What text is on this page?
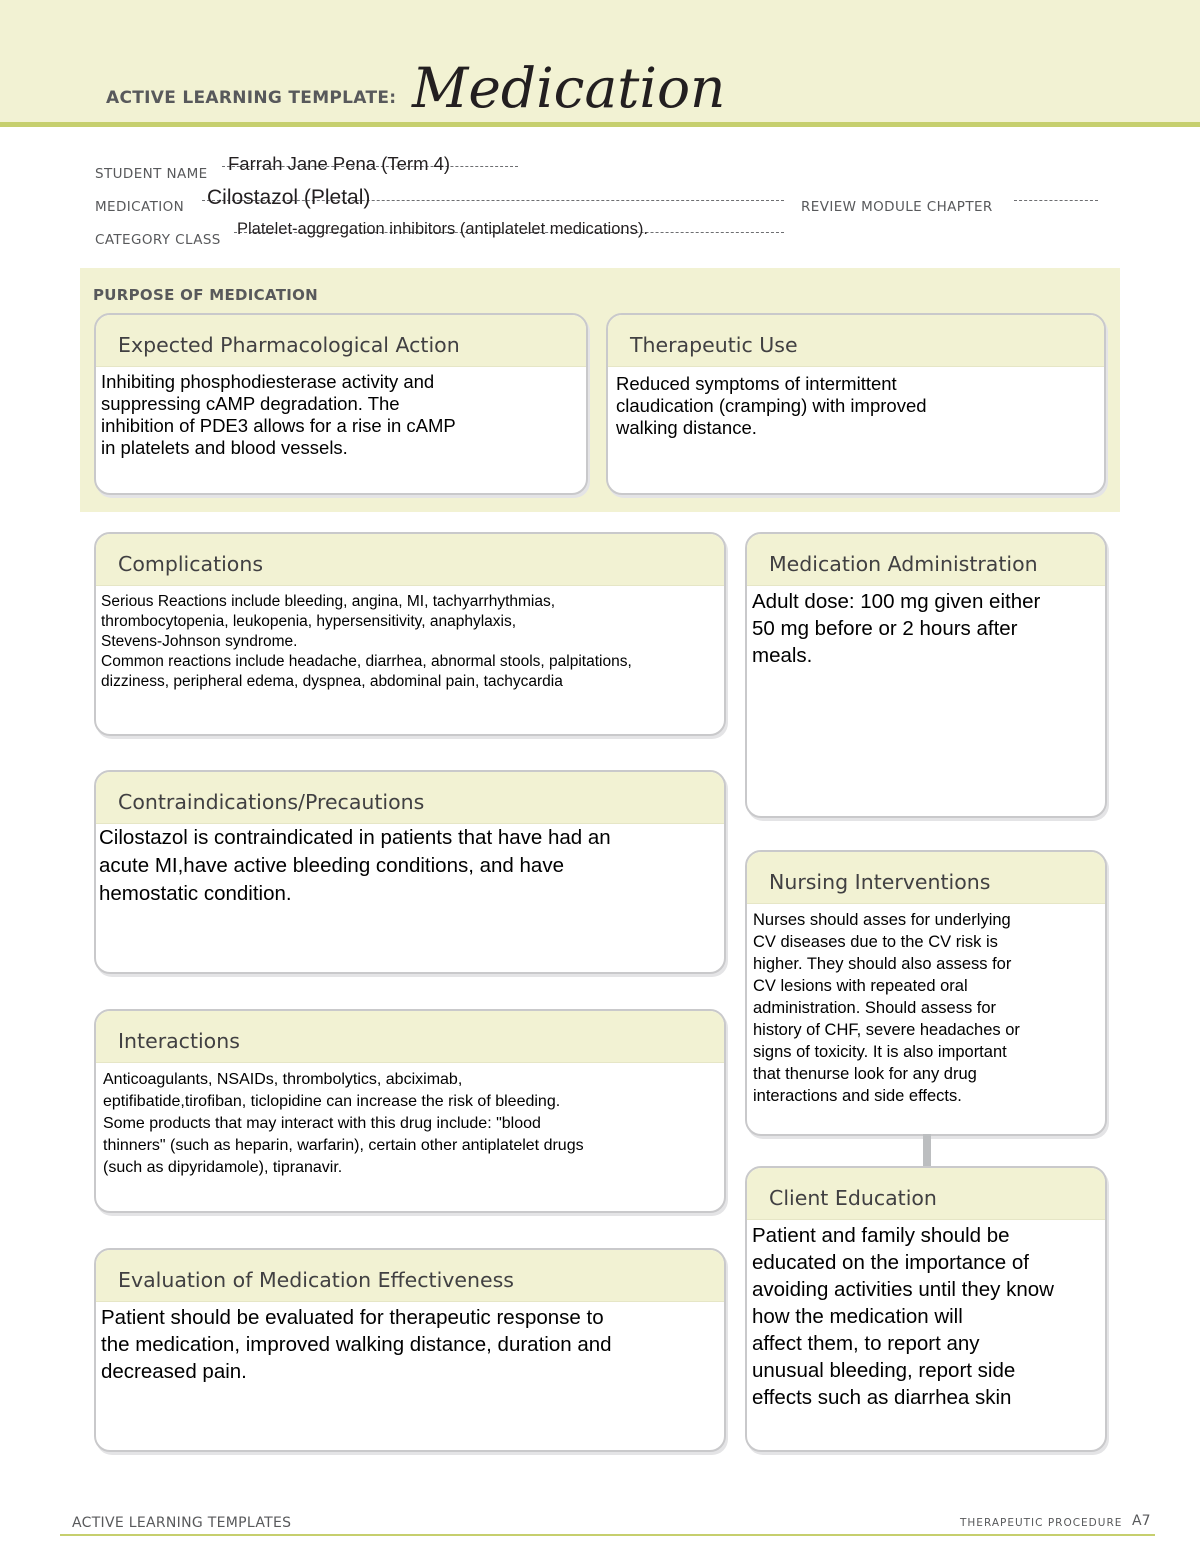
ACTIVE LEARNING TEMPLATE: Medication
STUDENT NAME Farrah Jane Pena (Term 4)
MEDICATION Cilostazol (Pletal)	REVIEW MODULE CHAPTER
CATEGORY CLASS
Platelet-aggregation inhibitors (antiplatelet medications).
PURPOSE OF MEDICATION
Expected Pharmacological Action
Inhibiting phosphodiesterase activity and
suppressing cAMP degradation. The
inhibition of PDE3 allows for a rise in cAMP
in platelets and blood vessels.
Therapeutic Use
Reduced symptoms of intermittent
claudication (cramping) with improved
walking distance.
Complications
Serious Reactions include bleeding, angina, MI, tachyarrhythmias,
thrombocytopenia, leukopenia, hypersensitivity, anaphylaxis,
Stevens-Johnson syndrome.
Common reactions include headache, diarrhea, abnormal stools, palpitations,
dizziness, peripheral edema, dyspnea, abdominal pain, tachycardia
Contraindications/Precautions
Cilostazol is contraindicated in patients that have had an
acute MI,have active bleeding conditions, and have
hemostatic condition.
Interactions
Anticoagulants, NSAIDs, thrombolytics, abciximab,
eptifibatide,tirofiban, ticlopidine can increase the risk of bleeding.
Some products that may interact with this drug include: "blood
thinners" (such as heparin, warfarin), certain other antiplatelet drugs
(such as dipyridamole), tipranavir.
Evaluation of Medication Effectiveness
Patient should be evaluated for therapeutic response to
the medication, improved walking distance, duration and
decreased pain.
Medication Administration
Adult dose: 100 mg given either
50 mg before or 2 hours after
meals.
Nursing Interventions
Nurses should asses for underlying
CV diseases due to the CV risk is
higher. They should also assess for
CV lesions with repeated oral
administration. Should assess for
history of CHF, severe headaches or
signs of toxicity. It is also important
that thenurse look for any drug
interactions and side effects.
Client Education
Patient and family should be
educated on the importance of
avoiding activities until they know
how the medication will
affect them, to report any
unusual bleeding, report side
effects such as diarrhea skin
ACTIVE LEARNING TEMPLATES	THERAPEUTIC PROCEDURE A7
